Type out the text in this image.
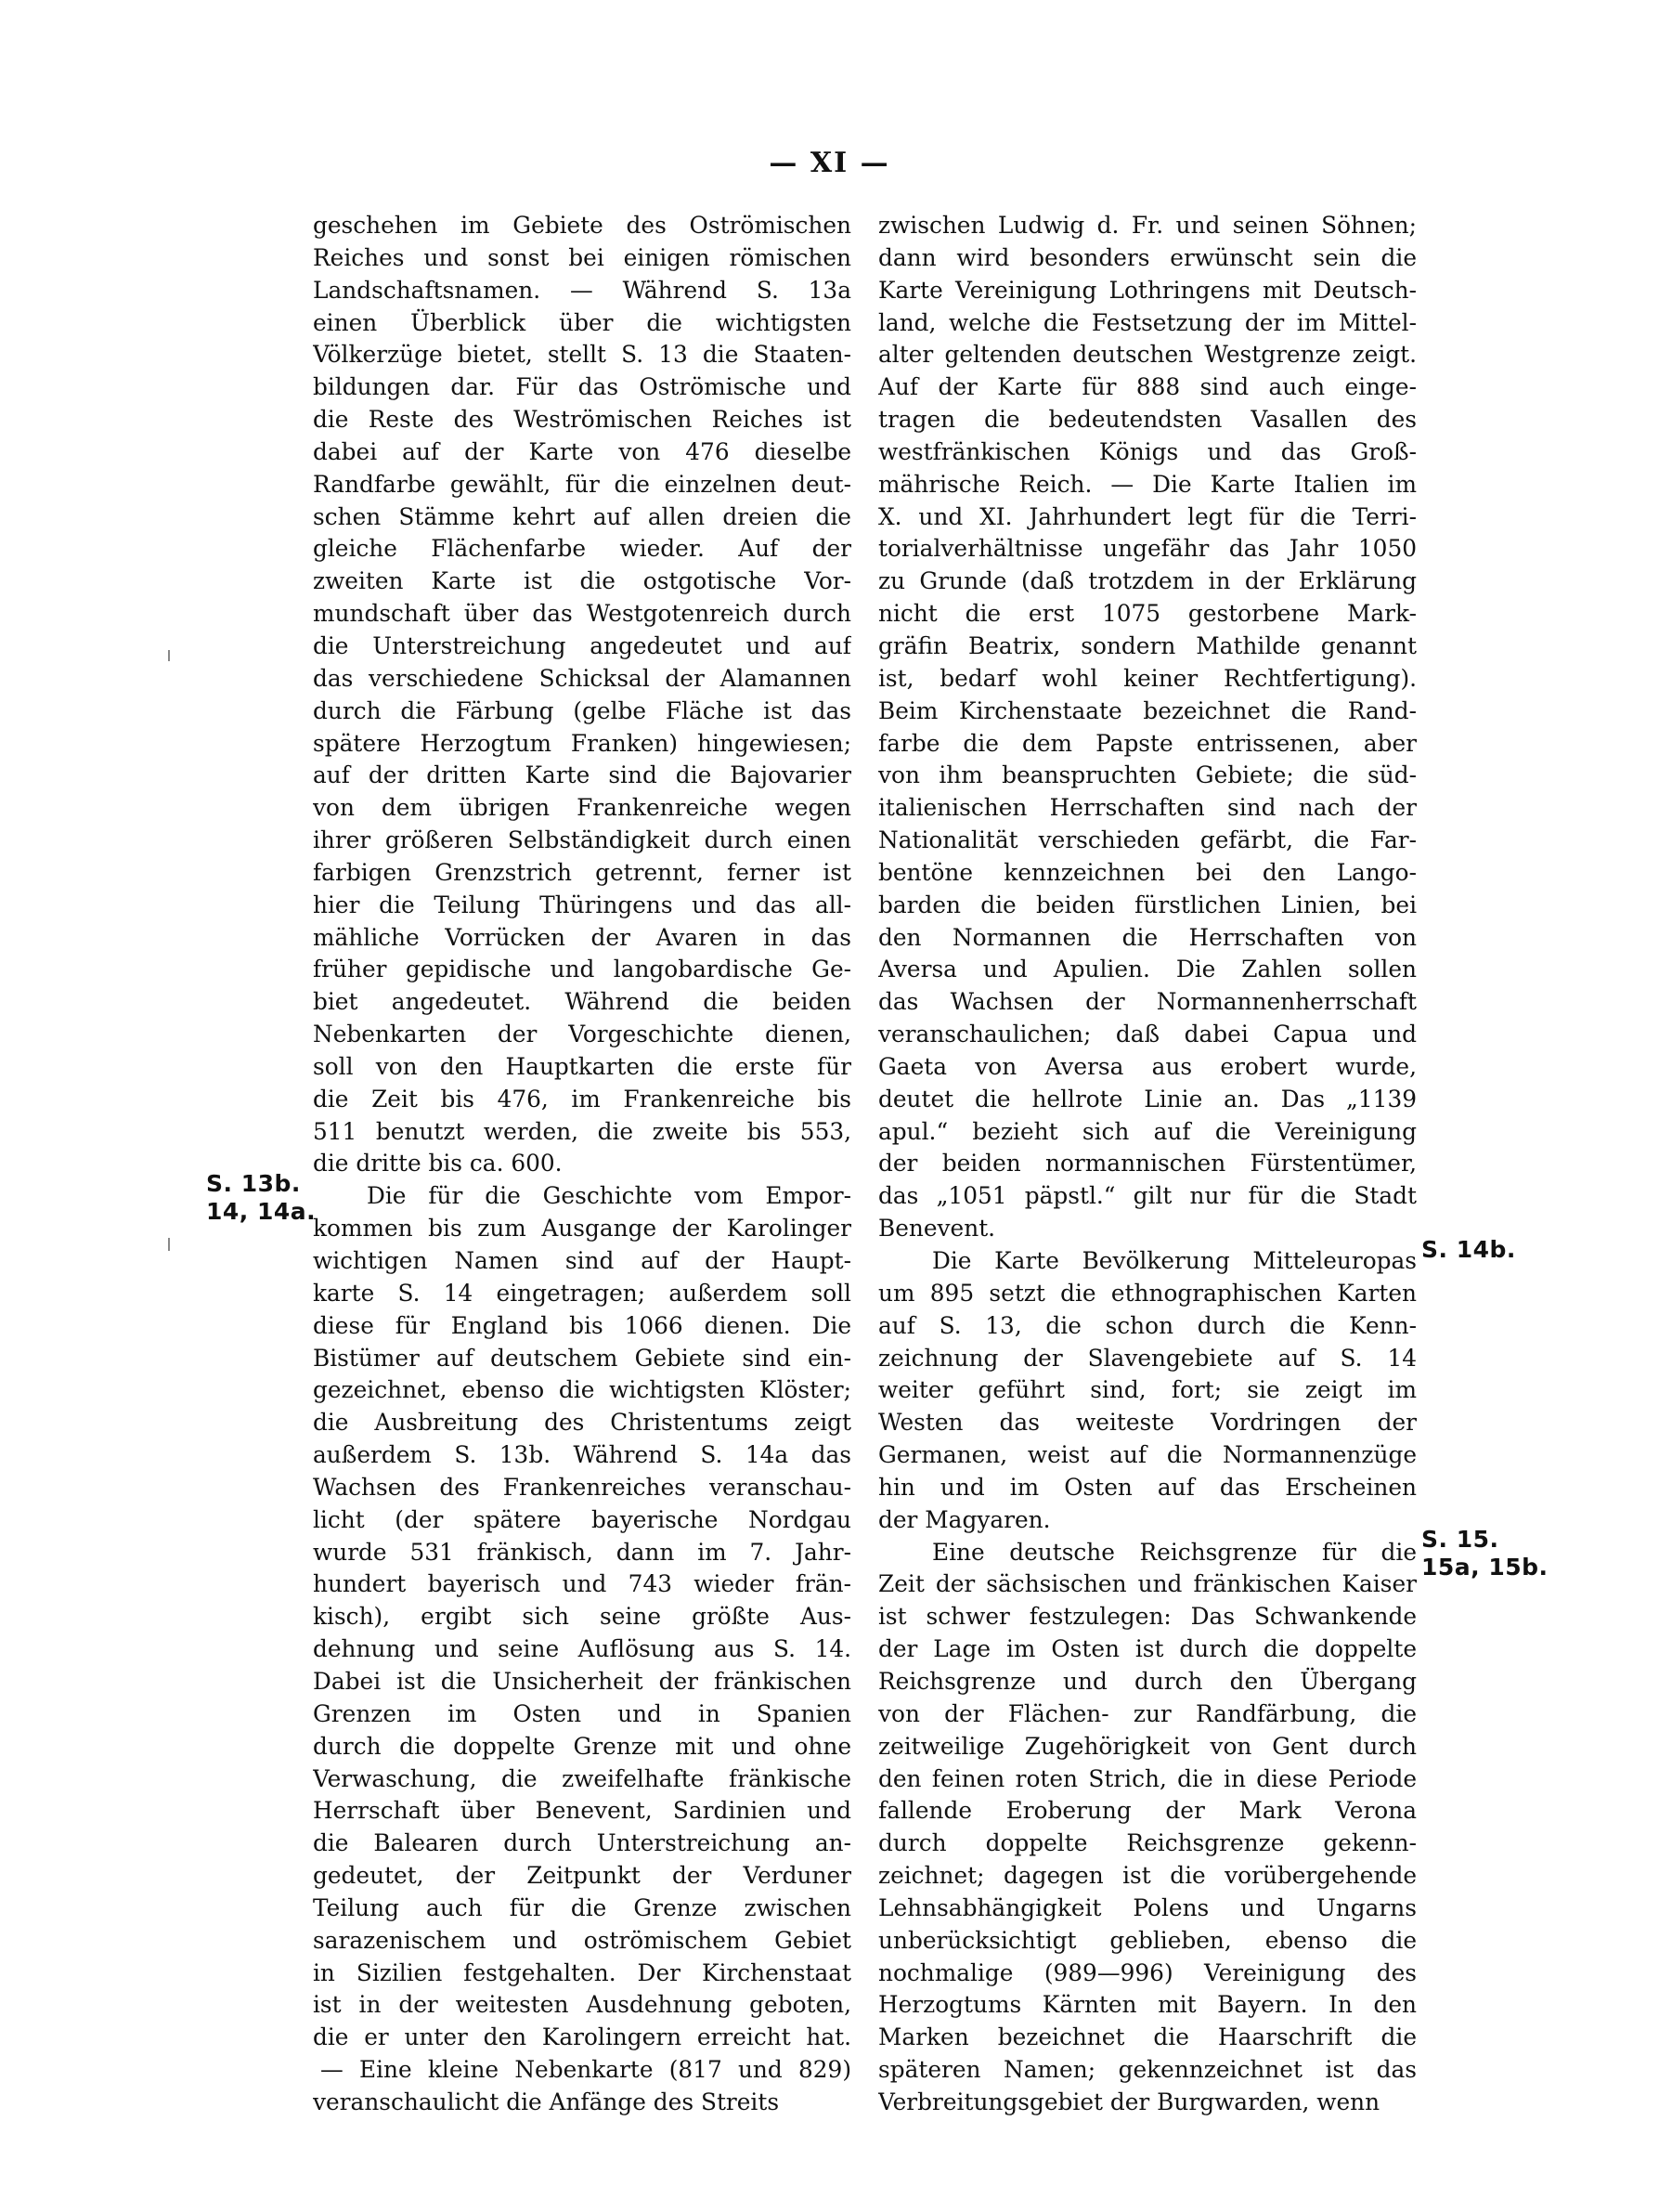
— XI —
geschehen im Gebiete des Oströmischen
Reiches und sonst bei einigen römischen
Landschaftsnamen. — Während S. 13a
einen Überblick über die wichtigsten
Völkerzüge bietet, stellt S. 13 die Staaten-
bildungen dar. Für das Oströmische und
die Reste des Weströmischen Reiches ist
dabei auf der Karte von 476 dieselbe
Randfarbe gewählt, für die einzelnen deut-
schen Stämme kehrt auf allen dreien die
gleiche Flächenfarbe wieder. Auf der
zweiten Karte ist die ostgotische Vor-
mundschaft über das Westgotenreich durch
die Unterstreichung angedeutet und auf
das verschiedene Schicksal der Alamannen
durch die Färbung (gelbe Fläche ist das
spätere Herzogtum Franken) hingewiesen;
auf der dritten Karte sind die Bajovarier
von dem übrigen Frankenreiche wegen
ihrer größeren Selbständigkeit durch einen
farbigen Grenzstrich getrennt, ferner ist
hier die Teilung Thüringens und das all-
mähliche Vorrücken der Avaren in das
früher gepidische und langobardische Ge-
biet angedeutet. Während die beiden
Nebenkarten der Vorgeschichte dienen,
soll von den Hauptkarten die erste für
die Zeit bis 476, im Frankenreiche bis
511 benutzt werden, die zweite bis 553,
die dritte bis ca. 600.
Die für die Geschichte vom Empor-
kommen bis zum Ausgange der Karolinger
wichtigen Namen sind auf der Haupt-
karte S. 14 eingetragen; außerdem soll
diese für England bis 1066 dienen. Die
Bistümer auf deutschem Gebiete sind ein-
gezeichnet, ebenso die wichtigsten Klöster;
die Ausbreitung des Christentums zeigt
außerdem S. 13b. Während S. 14a das
Wachsen des Frankenreiches veranschau-
licht (der spätere bayerische Nordgau
wurde 531 fränkisch, dann im 7. Jahr-
hundert bayerisch und 743 wieder frän-
kisch), ergibt sich seine größte Aus-
dehnung und seine Auflösung aus S. 14.
Dabei ist die Unsicherheit der fränkischen
Grenzen im Osten und in Spanien
durch die doppelte Grenze mit und ohne
Verwaschung, die zweifelhafte fränkische
Herrschaft über Benevent, Sardinien und
die Balearen durch Unterstreichung an-
gedeutet, der Zeitpunkt der Verduner
Teilung auch für die Grenze zwischen
sarazenischem und oströmischem Gebiet
in Sizilien festgehalten. Der Kirchenstaat
ist in der weitesten Ausdehnung geboten,
die er unter den Karolingern erreicht hat.
— Eine kleine Nebenkarte (817 und 829)
veranschaulicht die Anfänge des Streits
zwischen Ludwig d. Fr. und seinen Söhnen;
dann wird besonders erwünscht sein die
Karte Vereinigung Lothringens mit Deutsch-
land, welche die Festsetzung der im Mittel-
alter geltenden deutschen Westgrenze zeigt.
Auf der Karte für 888 sind auch einge-
tragen die bedeutendsten Vasallen des
westfränkischen Königs und das Groß-
mährische Reich. — Die Karte Italien im
X. und XI. Jahrhundert legt für die Terri-
torialverhältnisse ungefähr das Jahr 1050
zu Grunde (daß trotzdem in der Erklärung
nicht die erst 1075 gestorbene Mark-
gräfin Beatrix, sondern Mathilde genannt
ist, bedarf wohl keiner Rechtfertigung).
Beim Kirchenstaate bezeichnet die Rand-
farbe die dem Papste entrissenen, aber
von ihm beanspruchten Gebiete; die süd-
italienischen Herrschaften sind nach der
Nationalität verschieden gefärbt, die Far-
bentöne kennzeichnen bei den Lango-
barden die beiden fürstlichen Linien, bei
den Normannen die Herrschaften von
Aversa und Apulien. Die Zahlen sollen
das Wachsen der Normannenherrschaft
veranschaulichen; daß dabei Capua und
Gaeta von Aversa aus erobert wurde,
deutet die hellrote Linie an. Das „1139
apul.“ bezieht sich auf die Vereinigung
der beiden normannischen Fürstentümer,
das „1051 päpstl.“ gilt nur für die Stadt
Benevent.
Die Karte Bevölkerung Mitteleuropas
um 895 setzt die ethnographischen Karten
auf S. 13, die schon durch die Kenn-
zeichnung der Slavengebiete auf S. 14
weiter geführt sind, fort; sie zeigt im
Westen das weiteste Vordringen der
Germanen, weist auf die Normannenzüge
hin und im Osten auf das Erscheinen
der Magyaren.
Eine deutsche Reichsgrenze für die
Zeit der sächsischen und fränkischen Kaiser
ist schwer festzulegen: Das Schwankende
der Lage im Osten ist durch die doppelte
Reichsgrenze und durch den Übergang
von der Flächen- zur Randfärbung, die
zeitweilige Zugehörigkeit von Gent durch
den feinen roten Strich, die in diese Periode
fallende Eroberung der Mark Verona
durch doppelte Reichsgrenze gekenn-
zeichnet; dagegen ist die vorübergehende
Lehnsabhängigkeit Polens und Ungarns
unberücksichtigt geblieben, ebenso die
nochmalige (989—996) Vereinigung des
Herzogtums Kärnten mit Bayern. In den
Marken bezeichnet die Haarschrift die
späteren Namen; gekennzeichnet ist das
Verbreitungsgebiet der Burgwarden, wenn
S. 13b.
14, 14a.
S. 14b.
S. 15.
15a, 15b.
